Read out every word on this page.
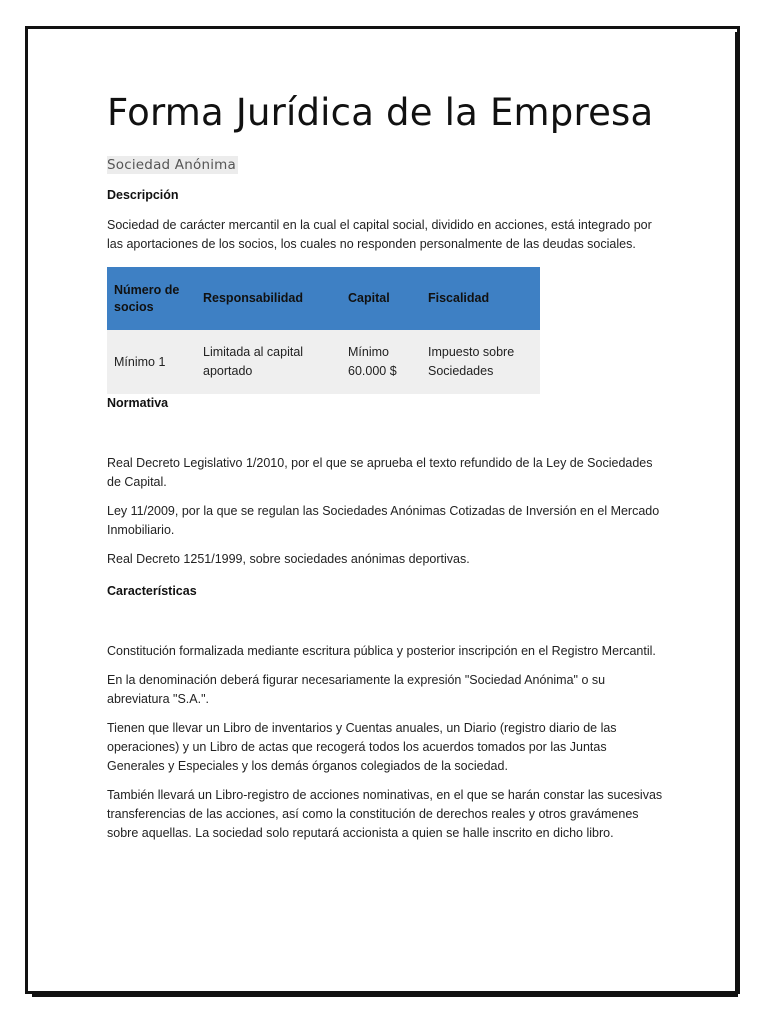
Forma Jurídica de la Empresa
Sociedad Anónima

Descripción

Sociedad de carácter mercantil en la cual el capital social, dividido en acciones, está integrado por las aportaciones de los socios, los cuales no responden personalmente de las deudas sociales.

Número de socios	Responsabilidad	Capital	Fiscalidad
Mínimo 1	Limitada al capital aportado	Mínimo 60.000 $	Impuesto sobre Sociedades

Normativa

Real Decreto Legislativo 1/2010, por el que se aprueba el texto refundido de la Ley de Sociedades de Capital.

Ley 11/2009, por la que se regulan las Sociedades Anónimas Cotizadas de Inversión en el Mercado Inmobiliario.

Real Decreto 1251/1999, sobre sociedades anónimas deportivas.

Características

Constitución formalizada mediante escritura pública y posterior inscripción en el Registro Mercantil.

En la denominación deberá figurar necesariamente la expresión "Sociedad Anónima" o su abreviatura "S.A.".

Tienen que llevar un Libro de inventarios y Cuentas anuales, un Diario (registro diario de las operaciones) y un Libro de actas que recogerá todos los acuerdos tomados por las Juntas Generales y Especiales y los demás órganos colegiados de la sociedad.

También llevará un Libro-registro de acciones nominativas, en el que se harán constar las sucesivas transferencias de las acciones, así como la constitución de derechos reales y otros gravámenes sobre aquellas. La sociedad solo reputará accionista a quien se halle inscrito en dicho libro.
